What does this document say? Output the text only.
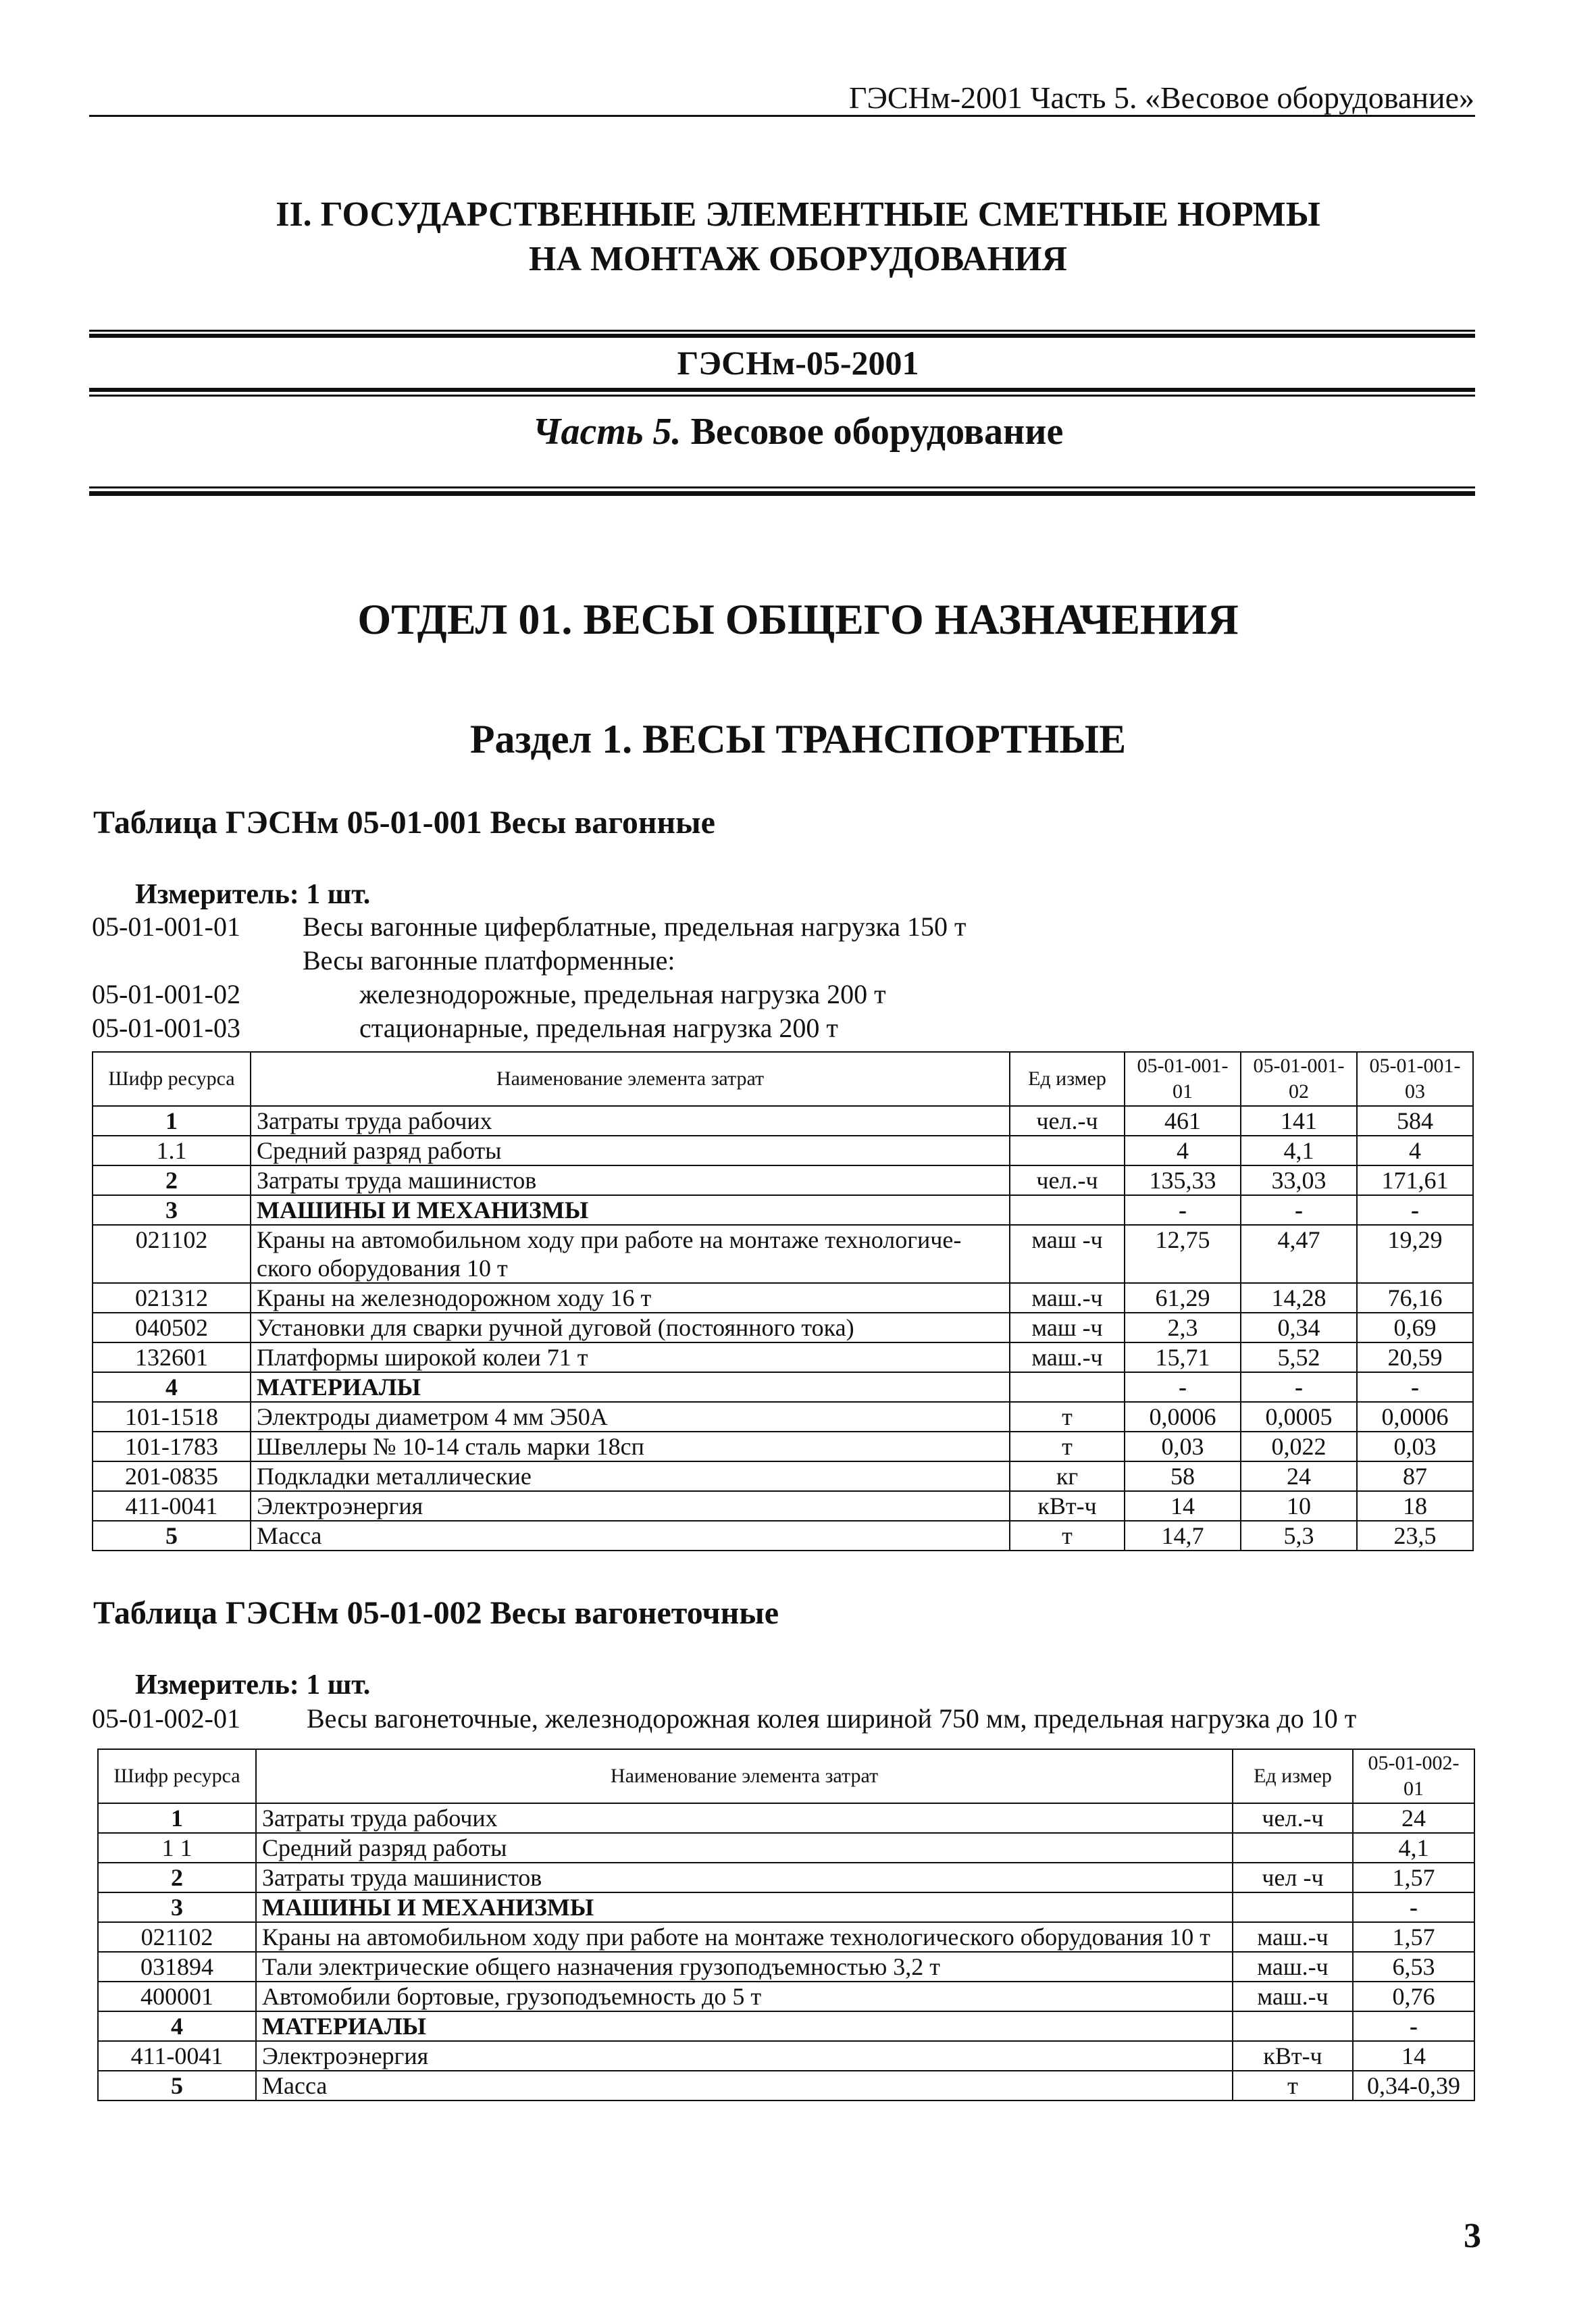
ГЭСНм-2001 Часть 5. «Весовое оборудование»
II. ГОСУДАРСТВЕННЫЕ ЭЛЕМЕНТНЫЕ СМЕТНЫЕ НОРМЫ
НА МОНТАЖ ОБОРУДОВАНИЯ
ГЭСНм-05-2001
Часть 5. Весовое оборудование
ОТДЕЛ 01. ВЕСЫ ОБЩЕГО НАЗНАЧЕНИЯ
Раздел 1. ВЕСЫ ТРАНСПОРТНЫЕ
Таблица ГЭСНм 05-01-001 Весы вагонные
Измеритель: 1 шт.
05-01-001-01 Весы вагонные циферблатные, предельная нагрузка 150 т
Весы вагонные платформенные:
05-01-001-02	железнодорожные, предельная нагрузка 200 т
05-01-001-03	стационарные, предельная нагрузка 200 т
Шифр ресурса	Наименование элемента затрат	Ед измер	05-01-001-01	05-01-001-02	05-01-001-03
1	Затраты труда рабочих	чел.-ч	461	141	584
1.1	Средний разряд работы		4	4,1	4
2	Затраты труда машинистов	чел.-ч	135,33	33,03	171,61
3	МАШИНЫ И МЕХАНИЗМЫ		-	-	-
021102	Краны на автомобильном ходу при работе на монтаже технологиче-ского оборудования 10 т	маш -ч	12,75	4,47	19,29
021312	Краны на железнодорожном ходу 16 т	маш.-ч	61,29	14,28	76,16
040502	Установки для сварки ручной дуговой (постоянного тока)	маш -ч	2,3	0,34	0,69
132601	Платформы широкой колеи 71 т	маш.-ч	15,71	5,52	20,59
4	МАТЕРИАЛЫ		-	-	-
101-1518	Электроды диаметром 4 мм Э50А	т	0,0006	0,0005	0,0006
101-1783	Швеллеры № 10-14 сталь марки 18сп	т	0,03	0,022	0,03
201-0835	Подкладки металлические	кг	58	24	87
411-0041	Электроэнергия	кВт-ч	14	10	18
5	Масса	т	14,7	5,3	23,5
Таблица ГЭСНм 05-01-002 Весы вагонеточные
Измеритель: 1 шт.
05-01-002-01 Весы вагонеточные, железнодорожная колея шириной 750 мм, предельная нагрузка до 10 т
Шифр ресурса	Наименование элемента затрат	Ед измер	05-01-002-01
1	Затраты труда рабочих	чел.-ч	24
1 1	Средний разряд работы		4,1
2	Затраты труда машинистов	чел -ч	1,57
3	МАШИНЫ И МЕХАНИЗМЫ		-
021102	Краны на автомобильном ходу при работе на монтаже технологического оборудования 10 т	маш.-ч	1,57
031894	Тали электрические общего назначения грузоподъемностью 3,2 т	маш.-ч	6,53
400001	Автомобили бортовые, грузоподъемность до 5 т	маш.-ч	0,76
4	МАТЕРИАЛЫ		-
411-0041	Электроэнергия	кВт-ч	14
5	Масса	т	0,34-0,39
3
